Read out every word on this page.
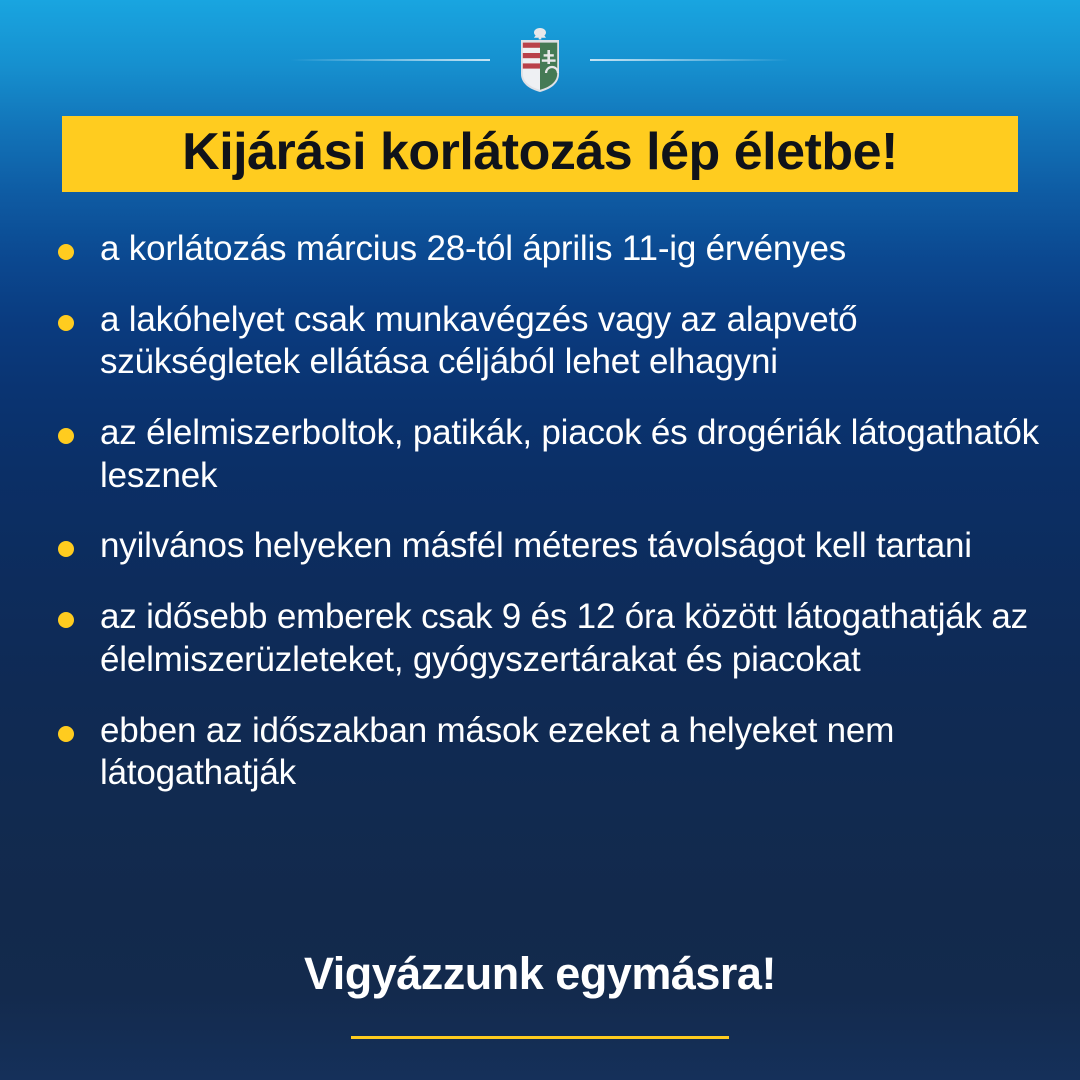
Kijárási korlátozás lép életbe!
a korlátozás március 28-tól április 11-ig érvényes
a lakóhelyet csak munkavégzés vagy az alapvető szükségletek ellátása céljából lehet elhagyni
az élelmiszerboltok, patikák, piacok és drogériák látogathatók lesznek
nyilvános helyeken másfél méteres távolságot kell tartani
az idősebb emberek csak 9 és 12 óra között látogathatják az élelmiszerüzleteket, gyógyszertárakat és piacokat
ebben az időszakban mások ezeket a helyeket nem látogathatják
Vigyázzunk egymásra!
